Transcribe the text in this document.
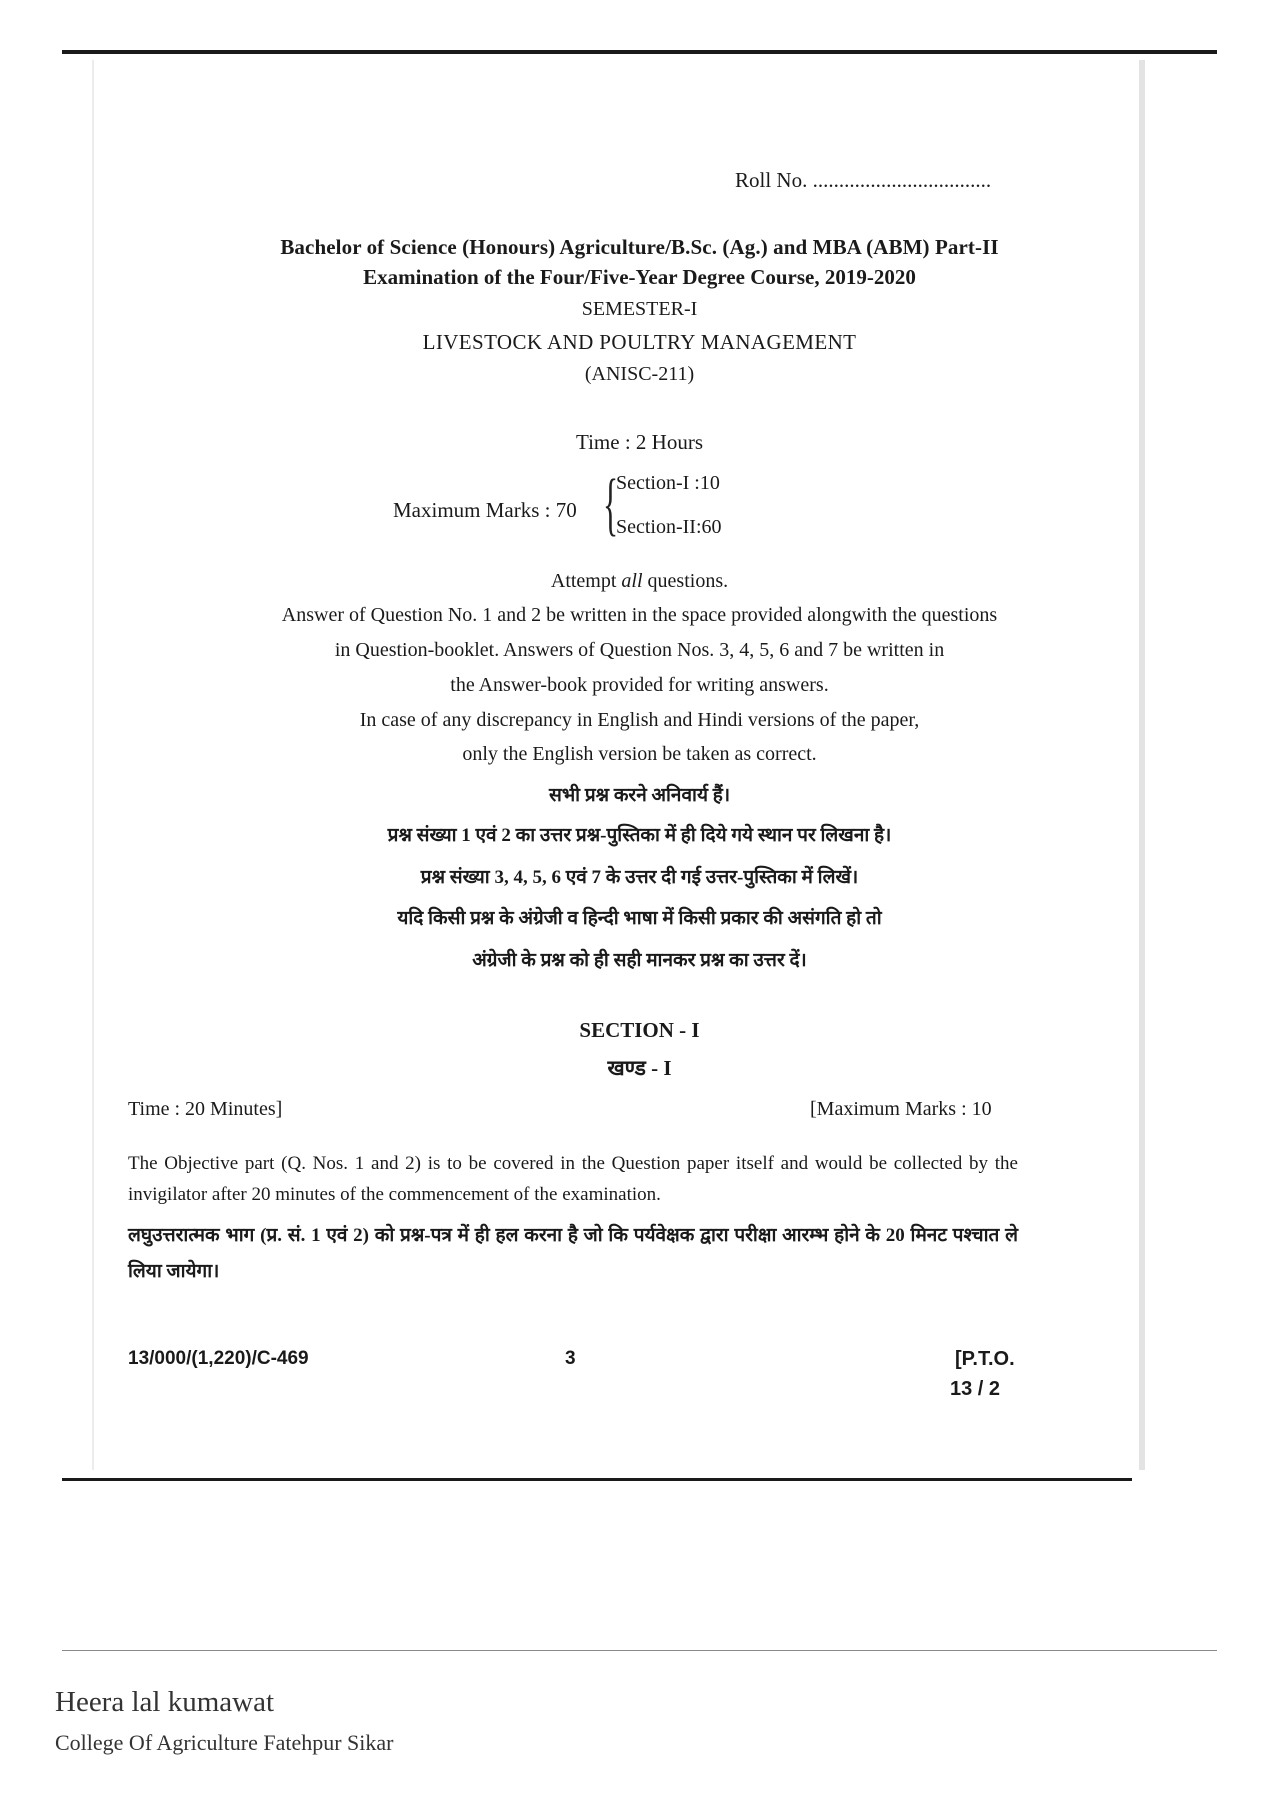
Roll No. ..................................
Bachelor of Science (Honours) Agriculture/B.Sc. (Ag.) and MBA (ABM) Part-II
Examination of the Four/Five-Year Degree Course, 2019-2020
SEMESTER-I
LIVESTOCK AND POULTRY MANAGEMENT
(ANISC-211)
Time : 2 Hours
Maximum Marks : 70 {
Section-I :10
Section-II:60
Attempt all questions.
Answer of Question No. 1 and 2 be written in the space provided alongwith the questions
in Question-booklet. Answers of Question Nos. 3, 4, 5, 6 and 7 be written in
the Answer-book provided for writing answers.
In case of any discrepancy in English and Hindi versions of the paper,
only the English version be taken as correct.
सभी प्रश्न करने अनिवार्य हैं।
प्रश्न संख्या 1 एवं 2 का उत्तर प्रश्न-पुस्तिका में ही दिये गये स्थान पर लिखना है।
प्रश्न संख्या 3, 4, 5, 6 एवं 7 के उत्तर दी गई उत्तर-पुस्तिका में लिखें।
यदि किसी प्रश्न के अंग्रेजी व हिन्दी भाषा में किसी प्रकार की असंगति हो तो
अंग्रेजी के प्रश्न को ही सही मानकर प्रश्न का उत्तर दें।
SECTION - I
खण्ड - I
Time : 20 Minutes]	[Maximum Marks : 10
The Objective part (Q. Nos. 1 and 2) is to be covered in the Question paper itself and would be collected by the invigilator after 20 minutes of the commencement of the examination.
लघुउत्तरात्मक भाग (प्र. सं. 1 एवं 2) को प्रश्न-पत्र में ही हल करना है जो कि पर्यवेक्षक द्वारा परीक्षा आरम्भ होने के 20 मिनट पश्चात ले लिया जायेगा।
13/000/(1,220)/C-469	3	[P.T.O.
13 / 2
Heera lal kumawat
College Of Agriculture Fatehpur Sikar
